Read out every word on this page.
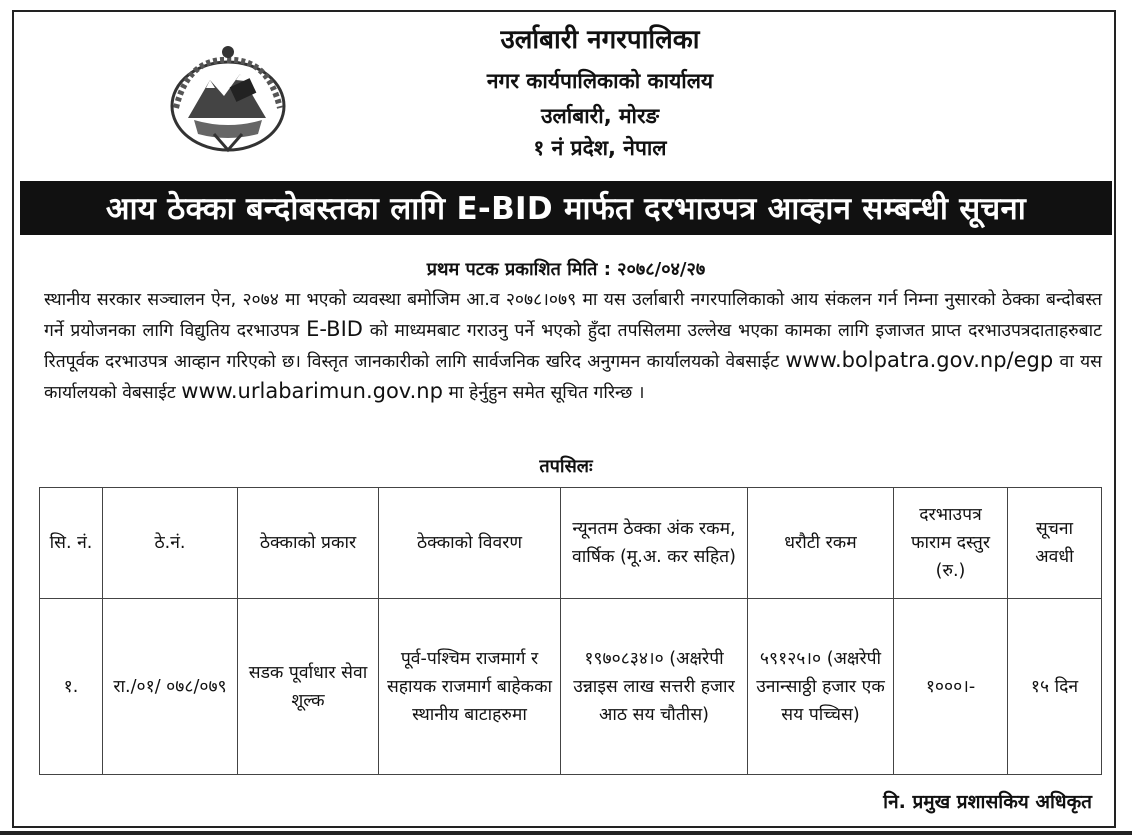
उर्लाबारी नगरपालिका
नगर कार्यपालिकाको कार्यालय
उर्लाबारी, मोरङ
१ नं प्रदेश, नेपाल
आय ठेक्का बन्दोबस्तका लागि E-BID मार्फत दरभाउपत्र आव्हान सम्बन्धी सूचना
प्रथम पटक प्रकाशित मिति : २०७८/०४/२७
स्थानीय सरकार सञ्चालन ऐन, २०७४ मा भएको व्यवस्था बमोजिम आ.व २०७८।०७९ मा यस उर्लाबारी नगरपालिकाको आय संकलन गर्न निम्ना नुसारको ठेक्का बन्दोबस्त गर्ने प्रयोजनका लागि विद्युतिय दरभाउपत्र E-BID को माध्यमबाट गराउनु पर्ने भएको हुँदा तपसिलमा उल्लेख भएका कामका लागि इजाजत प्राप्त दरभाउपत्रदाताहरुबाट रितपूर्वक दरभाउपत्र आव्हान गरिएको छ। विस्तृत जानकारीको लागि सार्वजनिक खरिद अनुगमन कार्यालयको वेबसाईट www.bolpatra.gov.np/egp वा यस कार्यालयको वेबसाईट www.urlabarimun.gov.np मा हेर्नुहुन समेत सूचित गरिन्छ ।
तपसिलः
सि. नं.	ठे.नं.	ठेक्काको प्रकार	ठेक्काको विवरण	न्यूनतम ठेक्का अंक रकम, वार्षिक (मू.अ. कर सहित)	धरौटी रकम	दरभाउपत्र फाराम दस्तुर (रु.)	सूचना अवधी
१.	रा./०१/ ०७८/०७९	सडक पूर्वाधार सेवा शूल्क	पूर्व-पश्चिम राजमार्ग र सहायक राजमार्ग बाहेकका स्थानीय बाटाहरुमा	१९७०८३४।० (अक्षरेपी उन्नाइस लाख सत्तरी हजार आठ सय चौतीस)	५९१२५।० (अक्षरेपी उनान्साठ्ठी हजार एक सय पच्चिस)	१०००।-	१५ दिन
नि. प्रमुख प्रशासकिय अधिकृत
